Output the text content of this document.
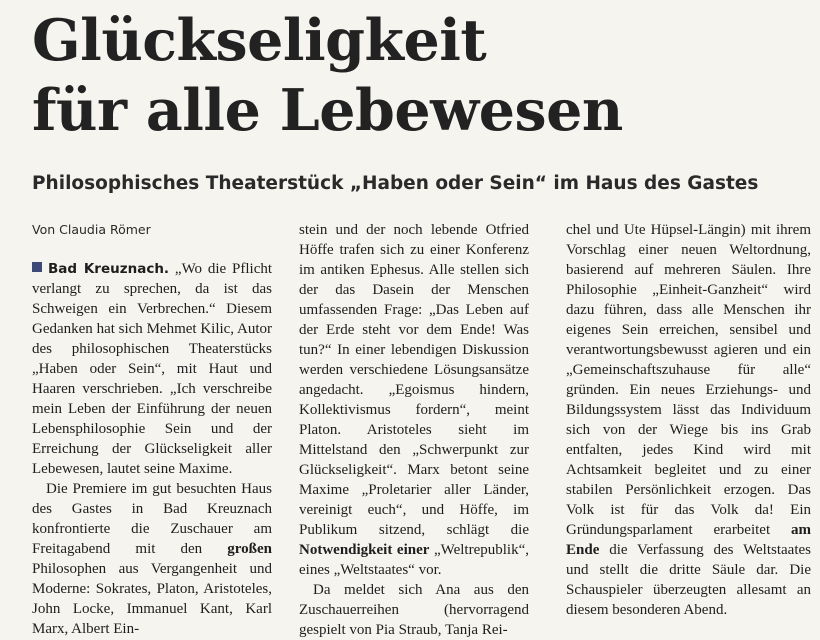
Glückseligkeit
für alle Lebewesen
Philosophisches Theaterstück „Haben oder Sein“ im Haus des Gastes
Von Claudia Römer

Bad Kreuznach. „Wo die Pflicht verlangt zu sprechen, da ist das Schweigen ein Verbrechen.“ Diesem Gedanken hat sich Mehmet Kilic, Autor des philosophischen Theaterstücks „Haben oder Sein“, mit Haut und Haaren verschrieben. „Ich verschreibe mein Leben der Einführung der neuen Lebensphilosophie Sein und der Erreichung der Glückseligkeit aller Lebewesen, lautet seine Maxime.

Die Premiere im gut besuchten Haus des Gastes in Bad Kreuznach konfrontierte die Zuschauer am Freitagabend mit den großen Philosophen aus Vergangenheit und Moderne: Sokrates, Platon, Aristoteles, John Locke, Immanuel Kant, Karl Marx, Albert Ein-

stein und der noch lebende Otfried Höffe trafen sich zu einer Konferenz im antiken Ephesus. Alle stellen sich der das Dasein der Menschen umfassenden Frage: „Das Leben auf der Erde steht vor dem Ende! Was tun?“ In einer lebendigen Diskussion werden verschiedene Lösungsansätze angedacht. „Egoismus hindern, Kollektivismus fordern“, meint Platon. Aristoteles sieht im Mittelstand den „Schwerpunkt zur Glückseligkeit“. Marx betont seine Maxime „Proletarier aller Länder, vereinigt euch“, und Höffe, im Publikum sitzend, schlägt die Notwendigkeit einer „Weltrepublik“, eines „Weltstaates“ vor.

Da meldet sich Ana aus den Zuschauerreihen (hervorragend gespielt von Pia Straub, Tanja Rei-

chel und Ute Hüpsel-Längin) mit ihrem Vorschlag einer neuen Weltordnung, basierend auf mehreren Säulen. Ihre Philosophie „Einheit-Ganzheit“ wird dazu führen, dass alle Menschen ihr eigenes Sein erreichen, sensibel und verantwortungsbewusst agieren und ein „Gemeinschaftszuhause für alle“ gründen. Ein neues Erziehungs- und Bildungssystem lässt das Individuum sich von der Wiege bis ins Grab entfalten, jedes Kind wird mit Achtsamkeit begleitet und zu einer stabilen Persönlichkeit erzogen. Das Volk ist für das Volk da! Ein Gründungsparlament erarbeitet am Ende die Verfassung des Weltstaates und stellt die dritte Säule dar. Die Schauspieler überzeugten allesamt an diesem besonderen Abend.
